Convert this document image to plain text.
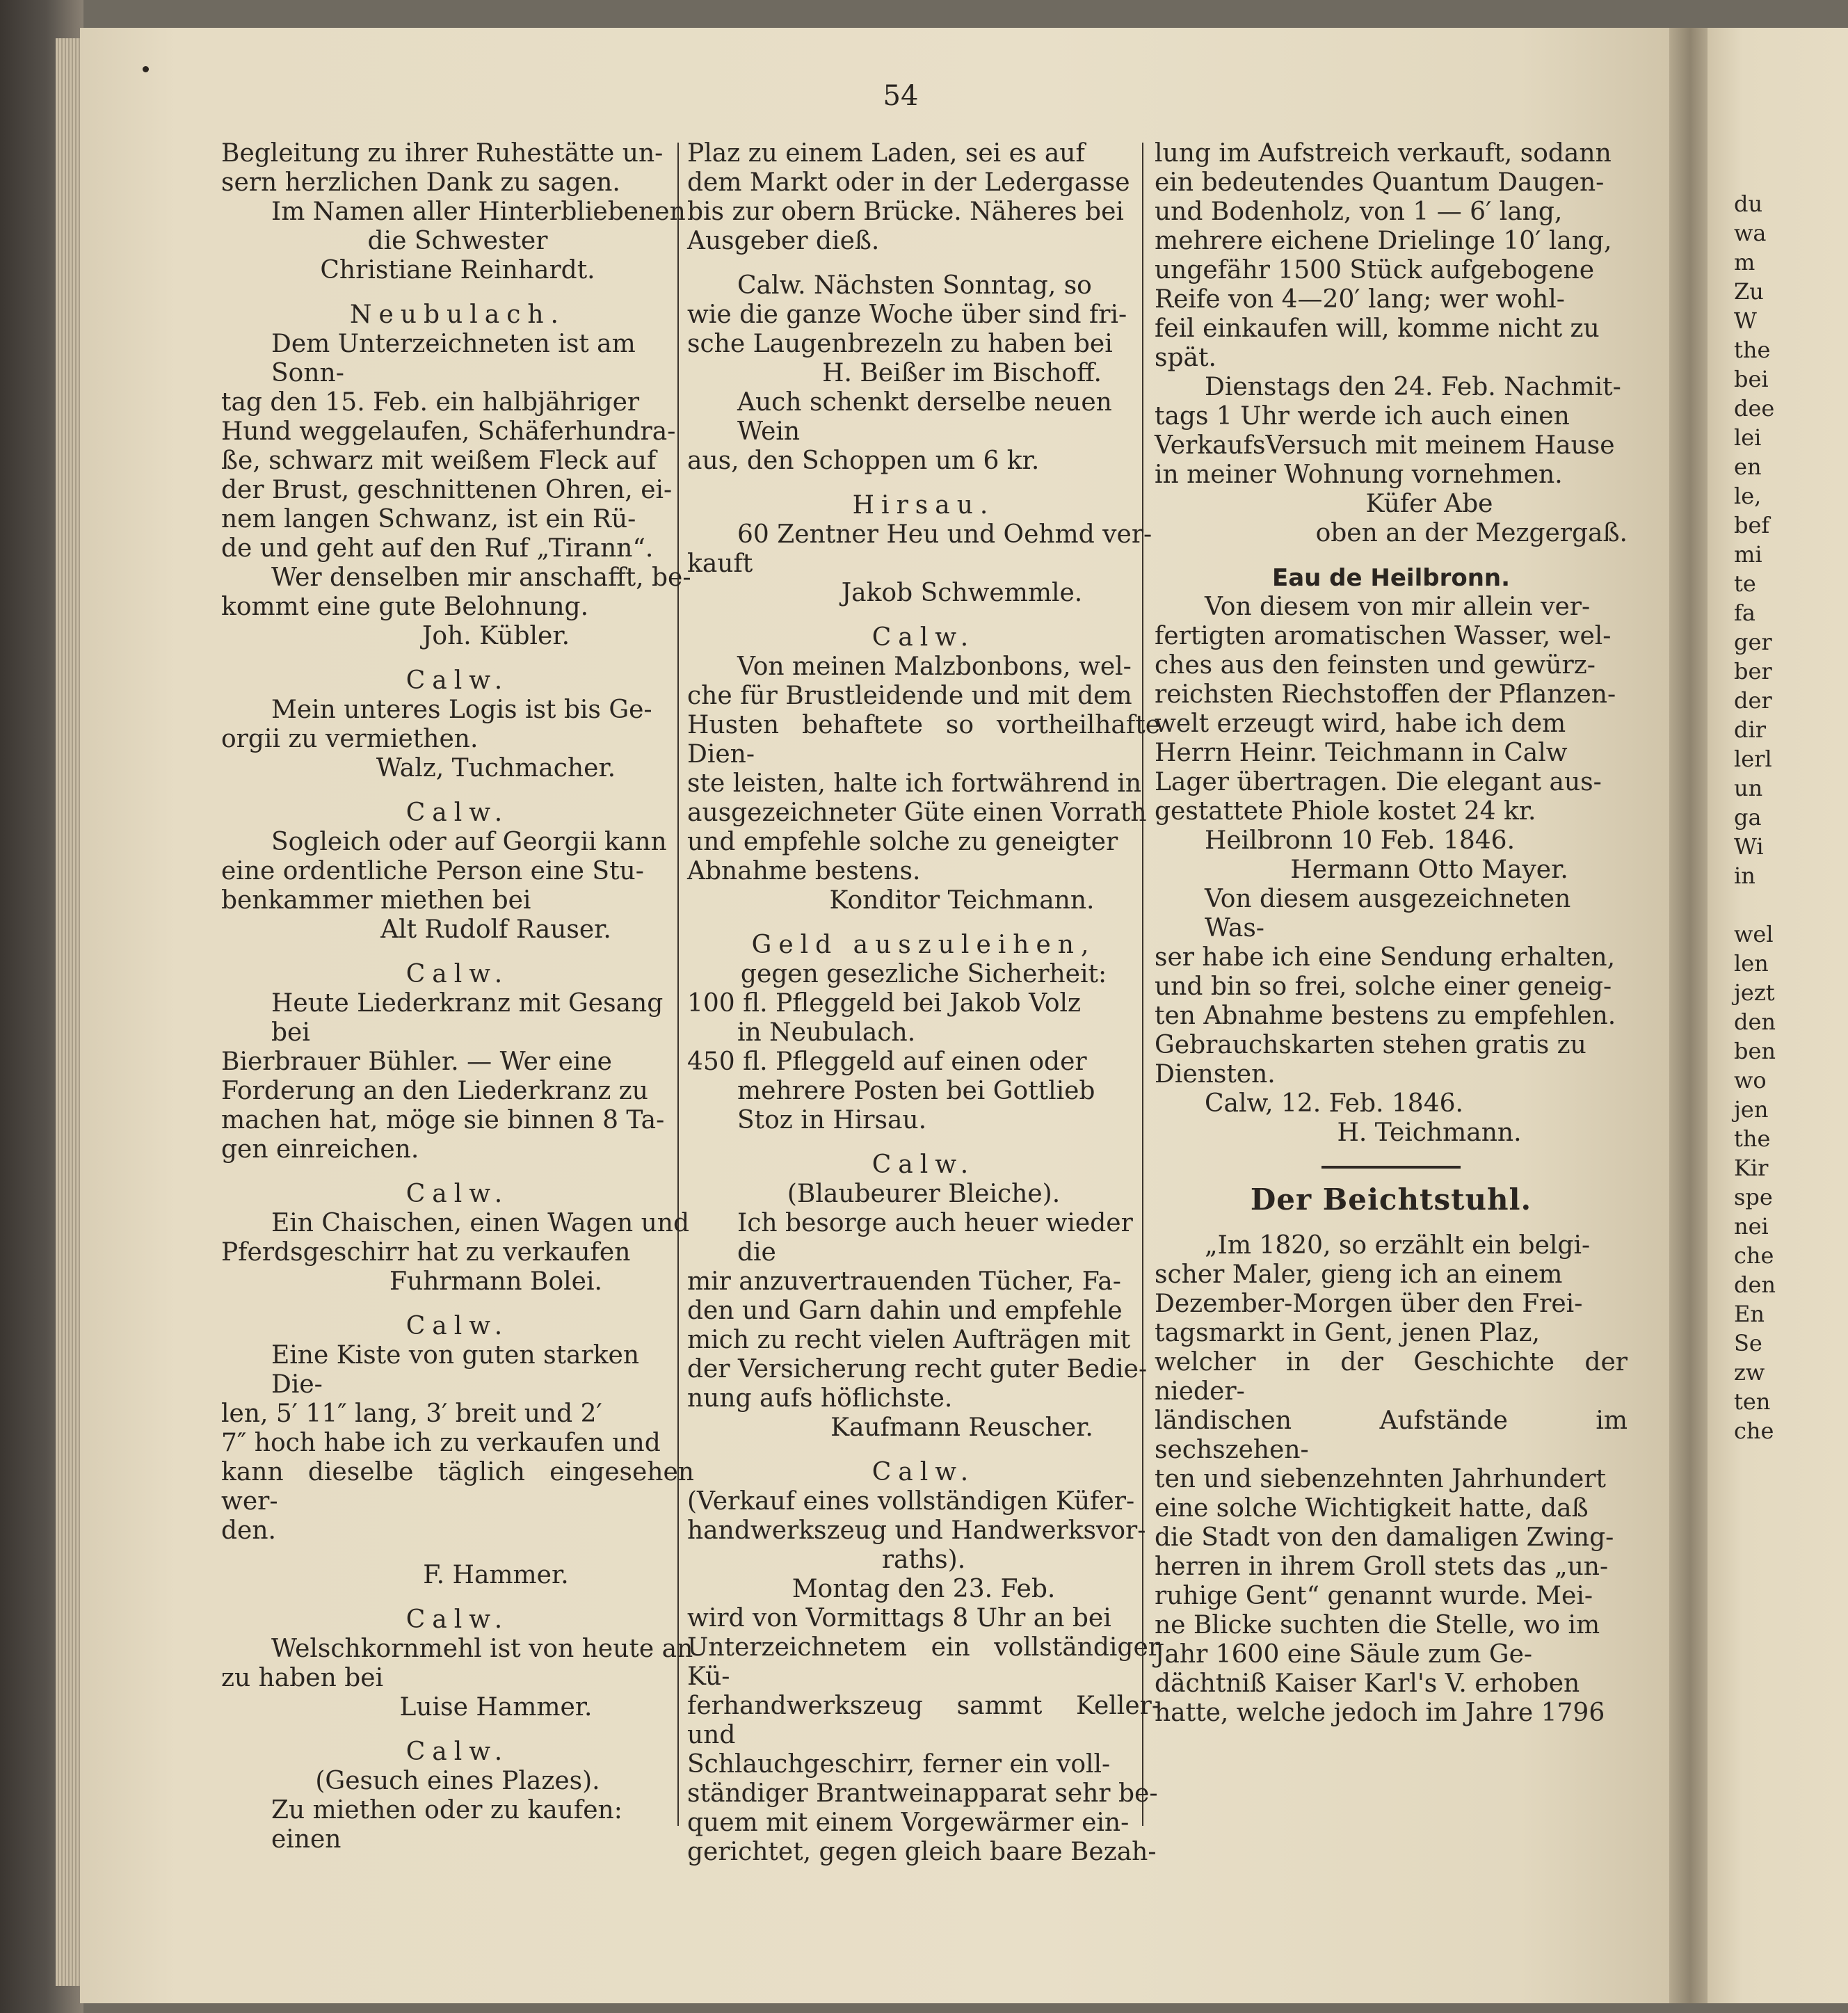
du

wa

m

Zu

W

the

bei

dee

lei

en

le,

bef

mi

te

fa

ger

ber

der

dir

lerl

un

ga

Wi

in

wel

len

jezt

den

ben

wo

jen

the

Kir

spe

nei

che

den

En

Se

zw

ten

che

54

Begleitung zu ihrer Ruhestätte un-

sern herzlichen Dank zu sagen.

Im Namen aller Hinterbliebenen

die Schwester

Christiane Reinhardt.

Neubulach.

Dem Unterzeichneten ist am Sonn-

tag den 15. Feb. ein halbjähriger

Hund weggelaufen, Schäferhundra-

ße, schwarz mit weißem Fleck auf

der Brust, geschnittenen Ohren, ei-

nem langen Schwanz, ist ein Rü-

de und geht auf den Ruf „Tirann“.

Wer denselben mir anschafft, be-

kommt eine gute Belohnung.

Joh. Kübler.

Calw.

Mein unteres Logis ist bis Ge-

orgii zu vermiethen.

Walz, Tuchmacher.

Calw.

Sogleich oder auf Georgii kann

eine ordentliche Person eine Stu-

benkammer miethen bei

Alt Rudolf Rauser.

Calw.

Heute Liederkranz mit Gesang bei

Bierbrauer Bühler. — Wer eine

Forderung an den Liederkranz zu

machen hat, möge sie binnen 8 Ta-

gen einreichen.

Calw.

Ein Chaischen, einen Wagen und

Pferdsgeschirr hat zu verkaufen

Fuhrmann Bolei.

Calw.

Eine Kiste von guten starken Die-

len, 5′ 11″ lang, 3′ breit und 2′

7″ hoch habe ich zu verkaufen und

kann dieselbe täglich eingesehen wer-

den.

F. Hammer.

Calw.

Welschkornmehl ist von heute an

zu haben bei

Luise Hammer.

Calw.

(Gesuch eines Plazes).

Zu miethen oder zu kaufen: einen

Plaz zu einem Laden, sei es auf

dem Markt oder in der Ledergasse

bis zur obern Brücke. Näheres bei

Ausgeber dieß.

Calw. Nächsten Sonntag, so

wie die ganze Woche über sind fri-

sche Laugenbrezeln zu haben bei

H. Beißer im Bischoff.

Auch schenkt derselbe neuen Wein

aus, den Schoppen um 6 kr.

Hirsau.

60 Zentner Heu und Oehmd ver-

kauft

Jakob Schwemmle.

Calw.

Von meinen Malzbonbons, wel-

che für Brustleidende und mit dem

Husten behaftete so vortheilhafte Dien-

ste leisten, halte ich fortwährend in

ausgezeichneter Güte einen Vorrath

und empfehle solche zu geneigter

Abnahme bestens.

Konditor Teichmann.

Geld auszuleihen,

gegen gesezliche Sicherheit:

100 fl. Pfleggeld bei Jakob Volz

in Neubulach.

450 fl. Pfleggeld auf einen oder

mehrere Posten bei Gottlieb

Stoz in Hirsau.

Calw.

(Blaubeurer Bleiche).

Ich besorge auch heuer wieder die

mir anzuvertrauenden Tücher, Fa-

den und Garn dahin und empfehle

mich zu recht vielen Aufträgen mit

der Versicherung recht guter Bedie-

nung aufs höflichste.

Kaufmann Reuscher.

Calw.

(Verkauf eines vollständigen Küfer-

handwerkszeug und Handwerksvor-

raths).

Montag den 23. Feb.

wird von Vormittags 8 Uhr an bei

Unterzeichnetem ein vollständiger Kü-

ferhandwerkszeug sammt Keller- und

Schlauchgeschirr, ferner ein voll-

ständiger Brantweinapparat sehr be-

quem mit einem Vorgewärmer ein-

gerichtet, gegen gleich baare Bezah-

lung im Aufstreich verkauft, sodann

ein bedeutendes Quantum Daugen-

und Bodenholz, von 1 — 6′ lang,

mehrere eichene Drielinge 10′ lang,

ungefähr 1500 Stück aufgebogene

Reife von 4—20′ lang; wer wohl-

feil einkaufen will, komme nicht zu

spät.

Dienstags den 24. Feb. Nachmit-

tags 1 Uhr werde ich auch einen

VerkaufsVersuch mit meinem Hause

in meiner Wohnung vornehmen.

Küfer Abe

oben an der Mezgergaß.

Eau de Heilbronn.

Von diesem von mir allein ver-

fertigten aromatischen Wasser, wel-

ches aus den feinsten und gewürz-

reichsten Riechstoffen der Pflanzen-

welt erzeugt wird, habe ich dem

Herrn Heinr. Teichmann in Calw

Lager übertragen. Die elegant aus-

gestattete Phiole kostet 24 kr.

Heilbronn 10 Feb. 1846.

Hermann Otto Mayer.

Von diesem ausgezeichneten Was-

ser habe ich eine Sendung erhalten,

und bin so frei, solche einer geneig-

ten Abnahme bestens zu empfehlen.

Gebrauchskarten stehen gratis zu

Diensten.

Calw, 12. Feb. 1846.

H. Teichmann.

Der Beichtstuhl.

„Im 1820, so erzählt ein belgi-

scher Maler, gieng ich an einem

Dezember-Morgen über den Frei-

tagsmarkt in Gent, jenen Plaz,

welcher in der Geschichte der nieder-

ländischen Aufstände im sechszehen-

ten und siebenzehnten Jahrhundert

eine solche Wichtigkeit hatte, daß

die Stadt von den damaligen Zwing-

herren in ihrem Groll stets das „un-

ruhige Gent“ genannt wurde. Mei-

ne Blicke suchten die Stelle, wo im

Jahr 1600 eine Säule zum Ge-

dächtniß Kaiser Karl's V. erhoben

hatte, welche jedoch im Jahre 1796
